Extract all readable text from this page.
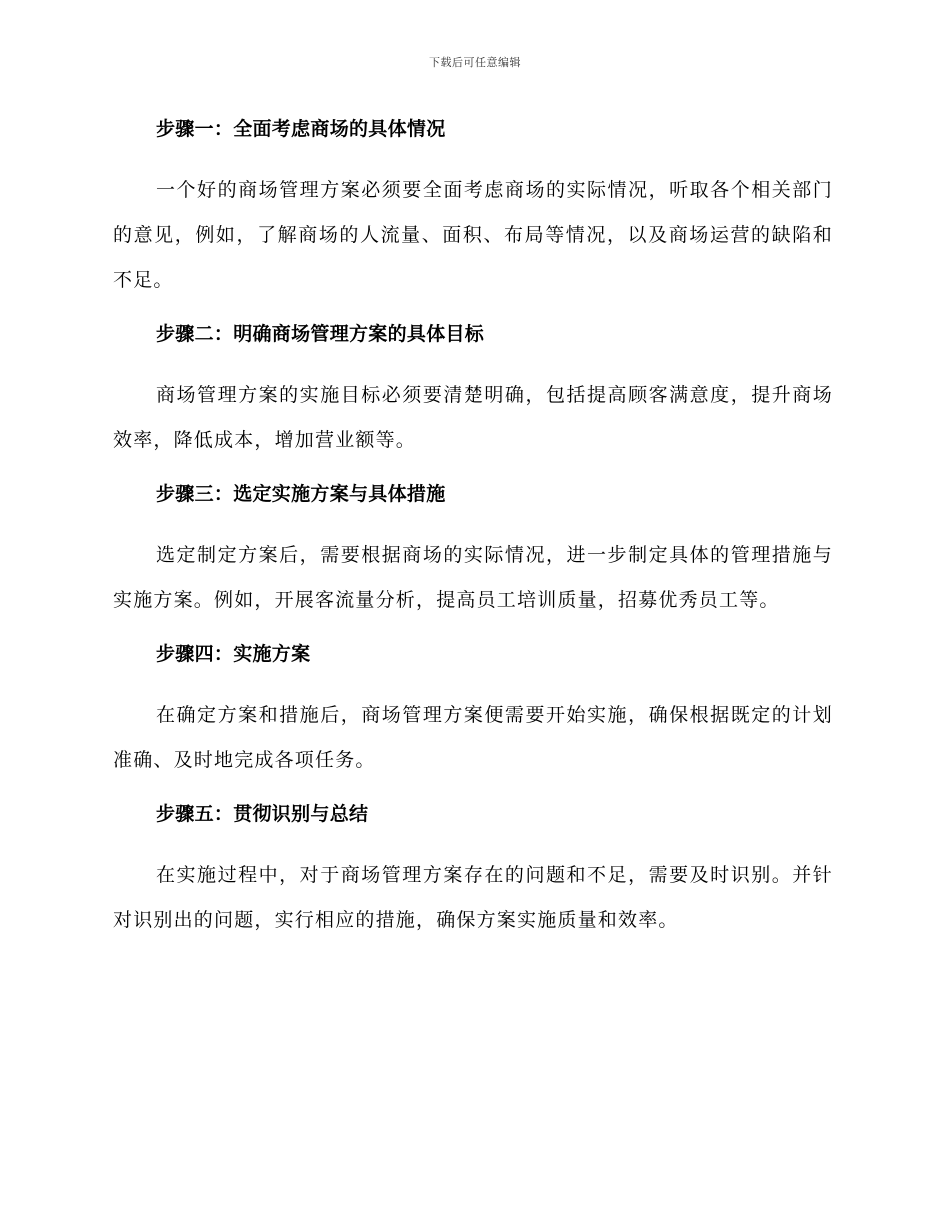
下载后可任意编辑

步骤一：全面考虑商场的具体情况

一个好的商场管理方案必须要全面考虑商场的实际情况，听取各个相关部门的意见，例如，了解商场的人流量、面积、布局等情况，以及商场运营的缺陷和不足。

步骤二：明确商场管理方案的具体目标

商场管理方案的实施目标必须要清楚明确，包括提高顾客满意度，提升商场效率，降低成本，增加营业额等。

步骤三：选定实施方案与具体措施

选定制定方案后，需要根据商场的实际情况，进一步制定具体的管理措施与实施方案。例如，开展客流量分析，提高员工培训质量，招募优秀员工等。

步骤四：实施方案

在确定方案和措施后，商场管理方案便需要开始实施，确保根据既定的计划准确、及时地完成各项任务。

步骤五：贯彻识别与总结

在实施过程中，对于商场管理方案存在的问题和不足，需要及时识别。并针对识别出的问题，实行相应的措施，确保方案实施质量和效率。
